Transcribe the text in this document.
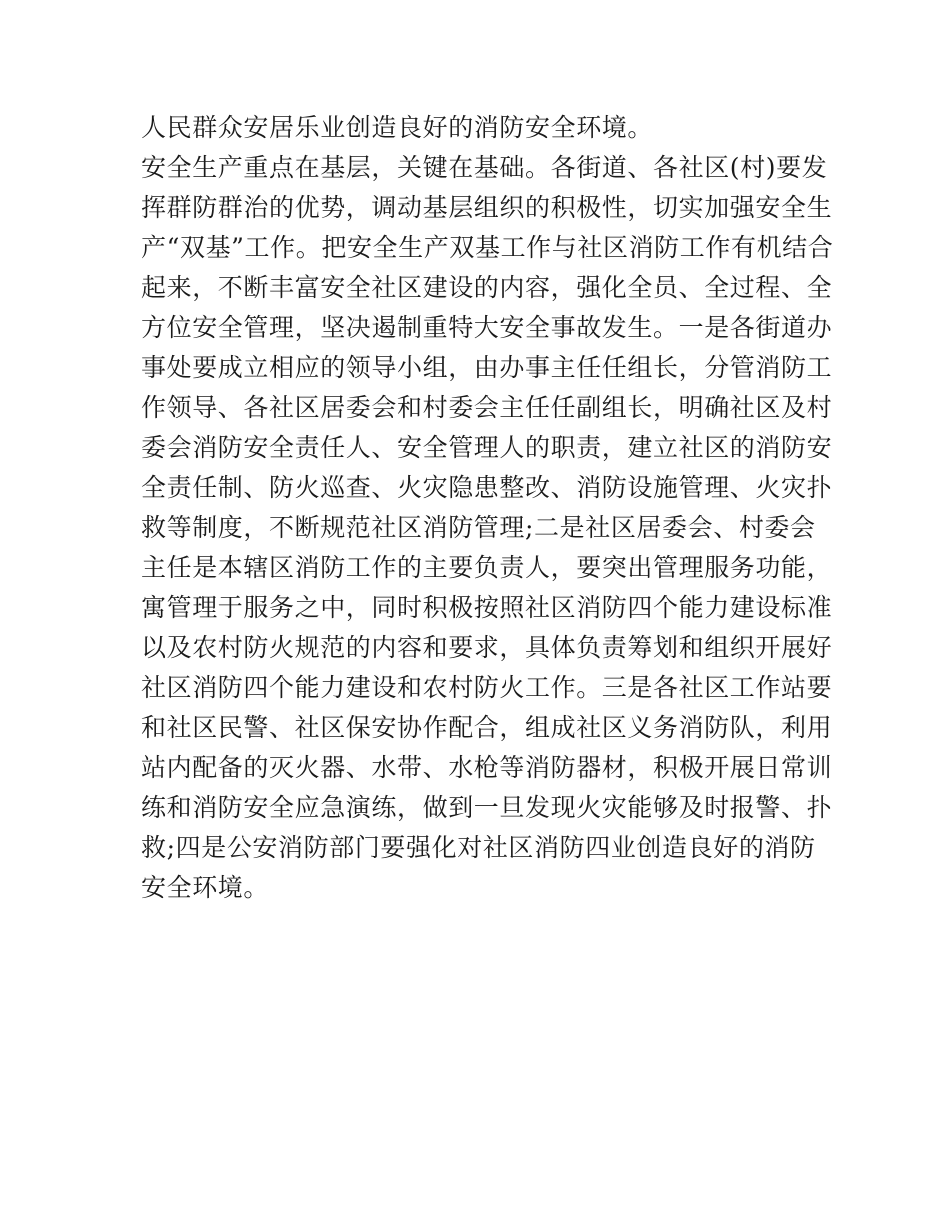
人民群众安居乐业创造良好的消防安全环境。
安全生产重点在基层，关键在基础。各街道、各社区(村)要发
挥群防群治的优势，调动基层组织的积极性，切实加强安全生
产“双基”工作。把安全生产双基工作与社区消防工作有机结合
起来，不断丰富安全社区建设的内容，强化全员、全过程、全
方位安全管理，坚决遏制重特大安全事故发生。一是各街道办
事处要成立相应的领导小组，由办事主任任组长，分管消防工
作领导、各社区居委会和村委会主任任副组长，明确社区及村
委会消防安全责任人、安全管理人的职责，建立社区的消防安
全责任制、防火巡查、火灾隐患整改、消防设施管理、火灾扑
救等制度，不断规范社区消防管理;二是社区居委会、村委会
主任是本辖区消防工作的主要负责人，要突出管理服务功能，
寓管理于服务之中，同时积极按照社区消防四个能力建设标准
以及农村防火规范的内容和要求，具体负责筹划和组织开展好
社区消防四个能力建设和农村防火工作。三是各社区工作站要
和社区民警、社区保安协作配合，组成社区义务消防队，利用
站内配备的灭火器、水带、水枪等消防器材，积极开展日常训
练和消防安全应急演练，做到一旦发现火灾能够及时报警、扑
救;四是公安消防部门要强化对社区消防四业创造良好的消防
安全环境。
